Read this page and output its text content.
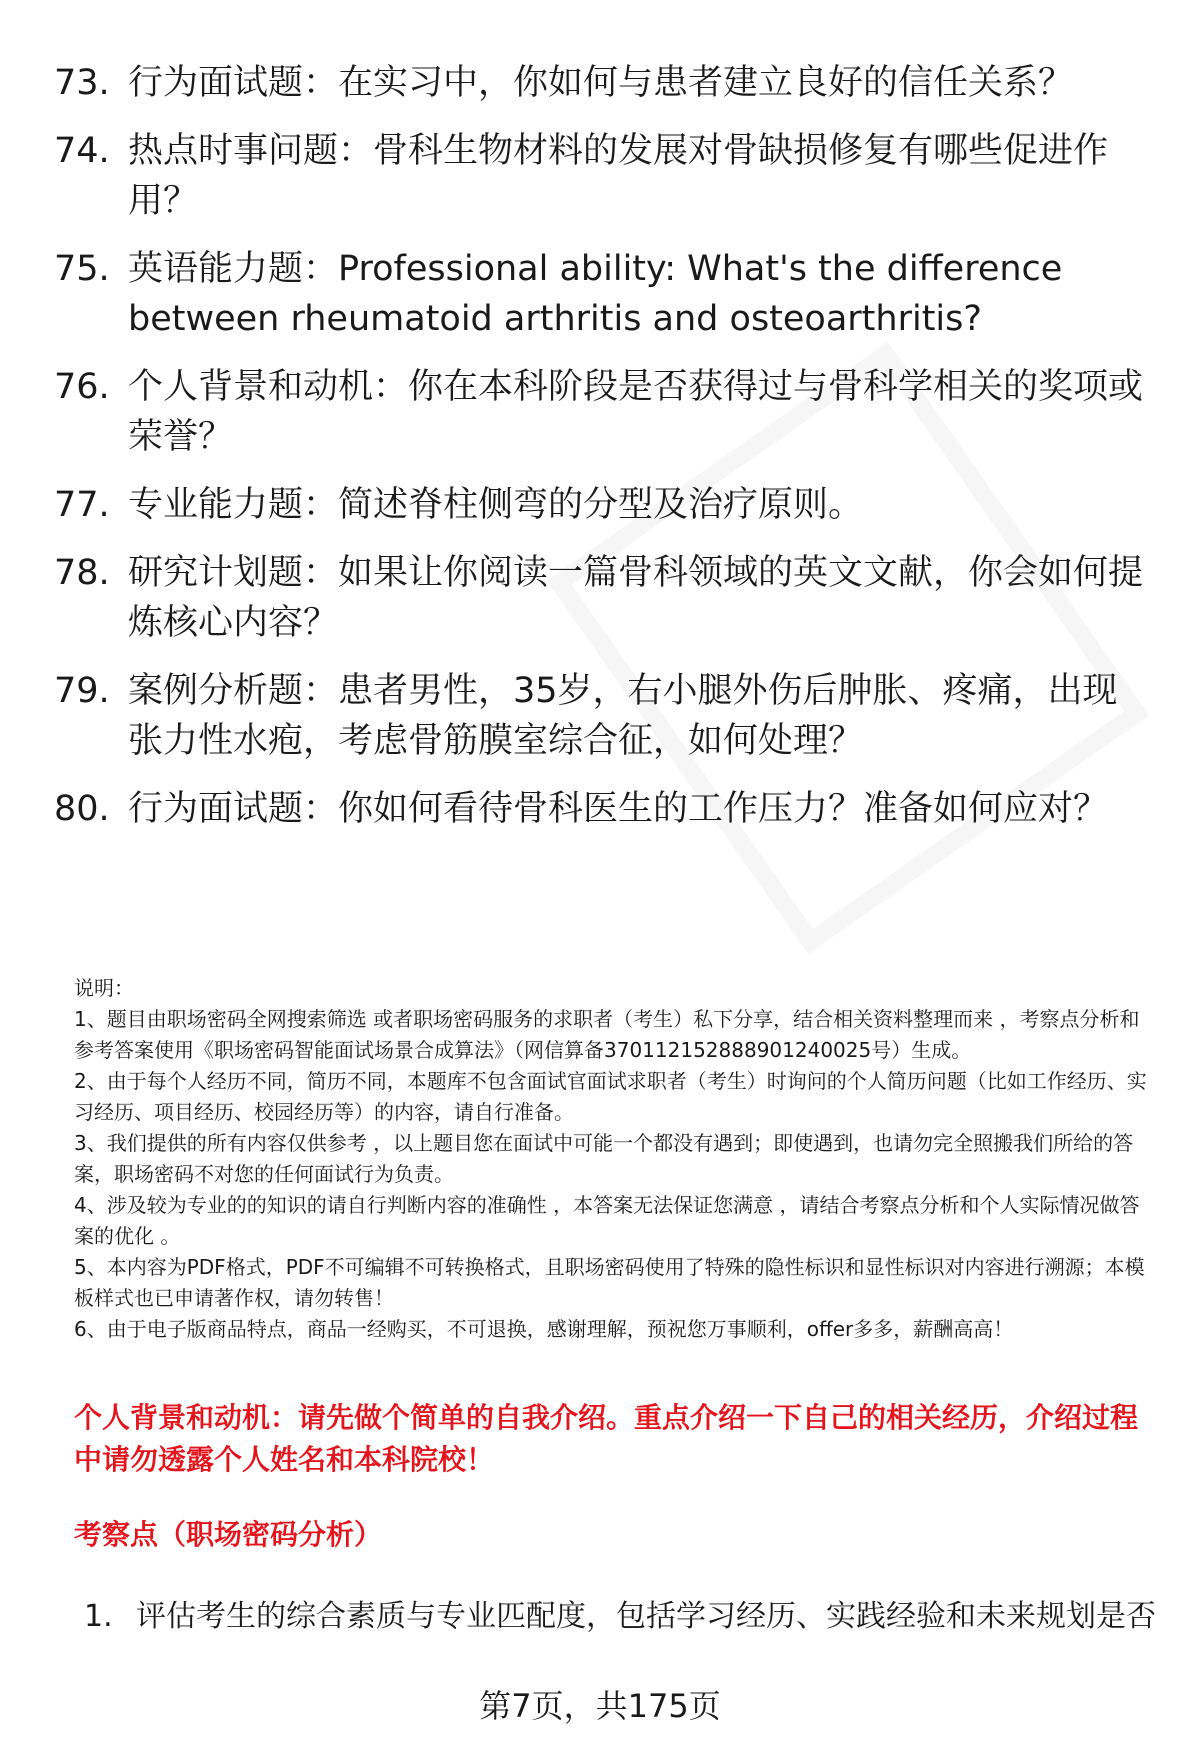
73. 行为面试题：在实习中，你如何与患者建立良好的信任关系？
74. 热点时事问题：骨科生物材料的发展对骨缺损修复有哪些促进作用？
75. 英语能力题：Professional ability: What's the difference between rheumatoid arthritis and osteoarthritis?
76. 个人背景和动机：你在本科阶段是否获得过与骨科学相关的奖项或荣誉？
77. 专业能力题：简述脊柱侧弯的分型及治疗原则。
78. 研究计划题：如果让你阅读一篇骨科领域的英文文献，你会如何提炼核心内容？
79. 案例分析题：患者男性，35岁，右小腿外伤后肿胀、疼痛，出现张力性水疱，考虑骨筋膜室综合征，如何处理？
80. 行为面试题：你如何看待骨科医生的工作压力？准备如何应对？

说明：

1、题目由职场密码全网搜索筛选 或者职场密码服务的求职者（考生）私下分享，结合相关资料整理而来 ，考察点分析和参考答案使用《职场密码智能面试场景合成算法》（网信算备370112152888901240025号）生成。

2、由于每个人经历不同，简历不同，本题库不包含面试官面试求职者（考生）时询问的个人简历问题（比如工作经历、实习经历、项目经历、校园经历等）的内容，请自行准备。

3、我们提供的所有内容仅供参考 ，以上题目您在面试中可能一个都没有遇到；即使遇到，也请勿完全照搬我们所给的答案，职场密码不对您的任何面试行为负责。

4、涉及较为专业的的知识的请自行判断内容的准确性 ，本答案无法保证您满意 ，请结合考察点分析和个人实际情况做答案的优化 。

5、本内容为PDF格式，PDF不可编辑不可转换格式，且职场密码使用了特殊的隐性标识和显性标识对内容进行溯源；本模板样式也已申请著作权，请勿转售！

6、由于电子版商品特点，商品一经购买，不可退换，感谢理解，预祝您万事顺利，offer多多，薪酬高高！

个人背景和动机：请先做个简单的自我介绍。重点介绍一下自己的相关经历，介绍过程中请勿透露个人姓名和本科院校！
考察点（职场密码分析）
1. 评估考生的综合素质与专业匹配度，包括学习经历、实践经验和未来规划是否
第7页，共175页
